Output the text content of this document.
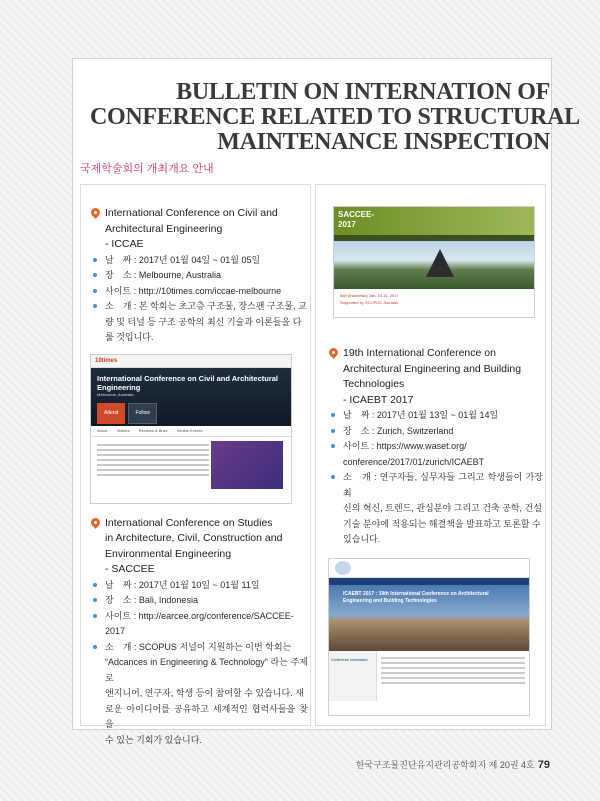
BULLETIN ON INTERNATION OF
CONFERENCE RELATED TO STRUCTURAL
MAINTENANCE INSPECTION
국제학술회의 개최개요 안내
International Conference on Civil and
Architectural Engineering
- ICCAE
날　짜 : 2017년 01월 04일 ~ 01월 05일
장　소 : Melbourne, Australia
사이트 : http://10times.com/iccae-melbourne
소　개 : 본 학회는 초고층 구조물, 장스팬 구조물, 교
량 및 터널 등 구조 공학의 최신 기술과 이론들을 다
룰 것입니다.
10times
International Conference on Civil and Architectural Engineering
Melbourne, Australia
Attend	Follow
About Visitors Reviews & Buzz Similar Events
International Conference on Studies
in Architecture, Civil, Construction and
Environmental Engineering
- SACCEE
날　짜 : 2017년 01월 10일 ~ 01월 11일
장　소 : Bali, Indonesia
사이트 : http://earcee.org/conference/SACCEE-2017
소　개 : SCOPUS 저널이 지원하는 이번 학회는
“Adcances in Engineering & Technology” 라는 주제로
엔지니어, 연구자, 학생 등이 참여할 수 있습니다. 새
로운 아이디어를 공유하고 세계적인 협력사들을 찾을
수 있는 기회가 있습니다.
SACCEE-
2017
Bali (Indonesia) Jan. 10-11, 2017
Supported by SCOPUS Journals
19th International Conference on
Architectural Engineering and Building
Technologies
- ICAEBT 2017
날　짜 : 2017년 01월 13일 ~ 01월 14일
장　소 : Zurich, Switzerland
사이트 : https://www.waset.org/
conference/2017/01/zurich/ICAEBT
소　개 : 연구자들, 실무자들 그리고 학생들이 가장 최
신의 혁신, 트렌드, 관심분야 그리고 건축 공학, 건설
기술 분야에 적용되는 해결책을 발표하고 토론할 수
있습니다.
ICAEBT 2017 : 19th International Conference on Architectural
Engineering and Building Technologies
Conference Information
한국구조물진단유지관리공학회지 제 20권 4호 79
